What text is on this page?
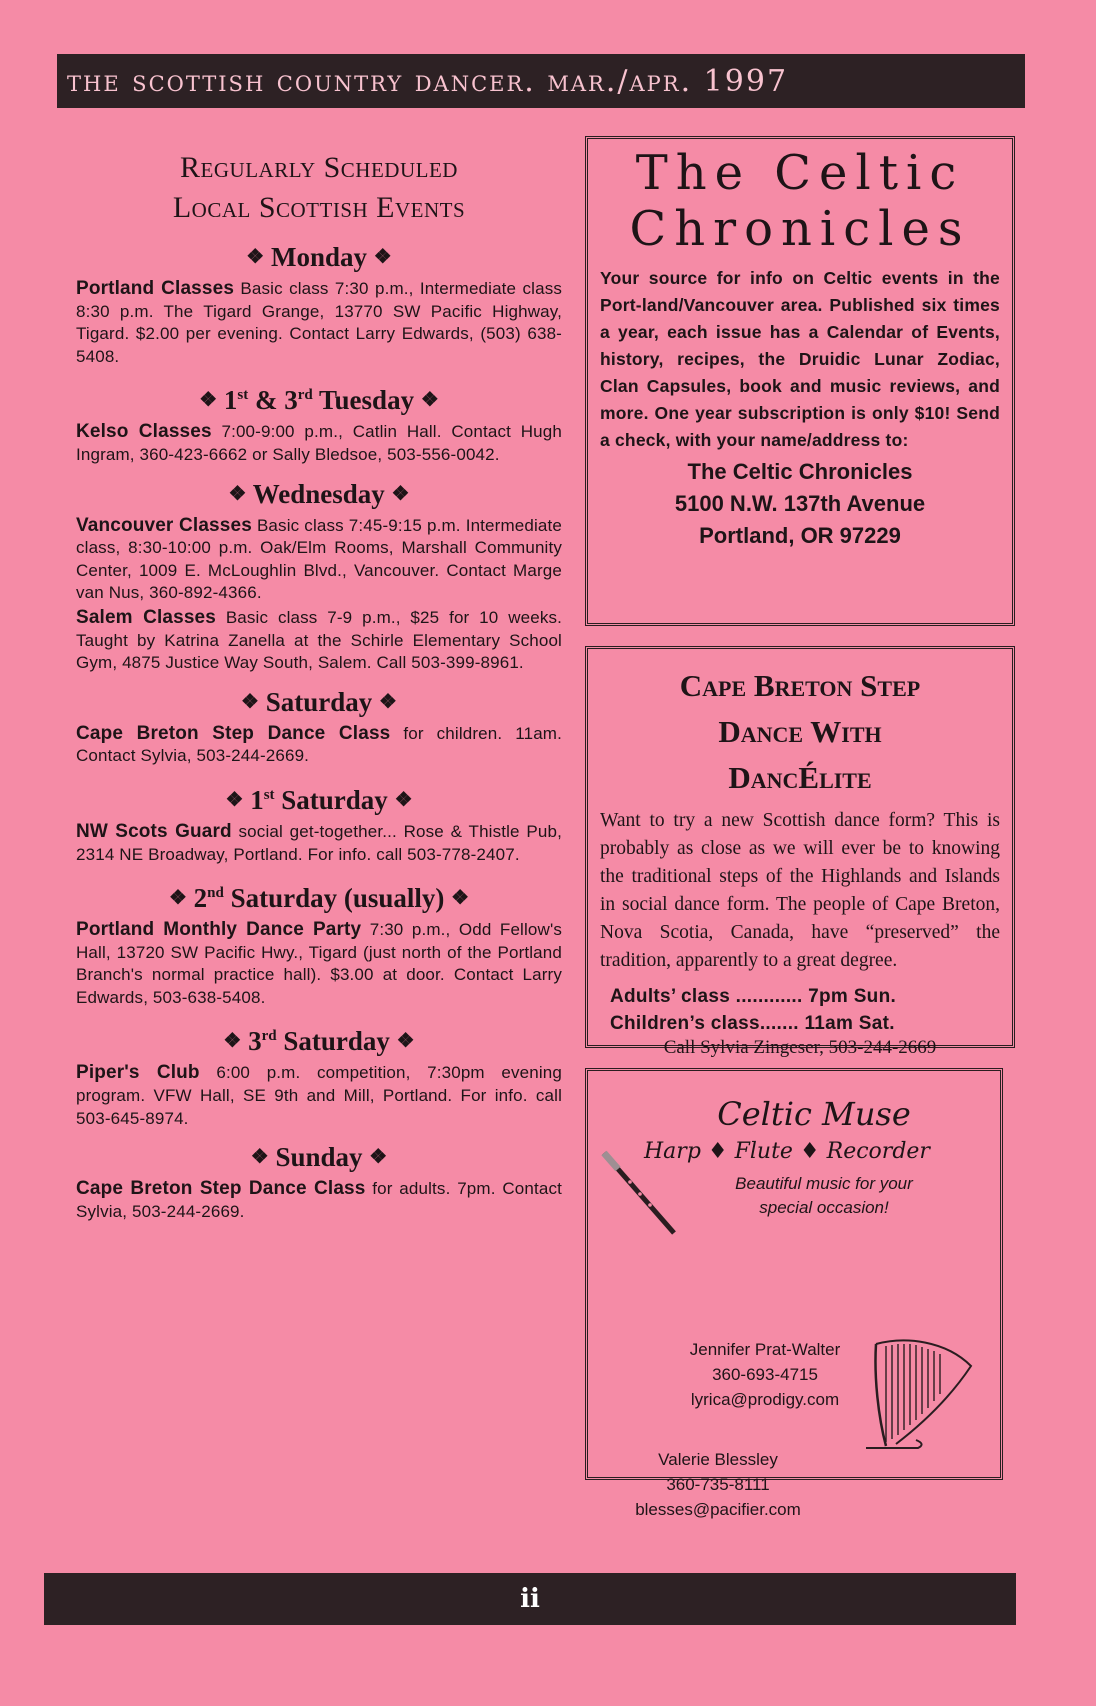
the scottish country dancer. mar./apr. 1997
Regularly Scheduled
Local Scottish Events
❖ Monday ❖

Portland Classes Basic class 7:30 p.m., Intermediate class 8:30 p.m. The Tigard Grange, 13770 SW Pacific Highway, Tigard. $2.00 per evening. Contact Larry Edwards, (503) 638-5408.

❖ 1st & 3rd Tuesday ❖

Kelso Classes 7:00-9:00 p.m., Catlin Hall. Contact Hugh Ingram, 360-423-6662 or Sally Bledsoe, 503-556-0042.

❖ Wednesday ❖

Vancouver Classes Basic class 7:45-9:15 p.m. Intermediate class, 8:30-10:00 p.m. Oak/Elm Rooms, Marshall Community Center, 1009 E. McLoughlin Blvd., Vancouver. Contact Marge van Nus, 360-892-4366.

Salem Classes Basic class 7-9 p.m., $25 for 10 weeks. Taught by Katrina Zanella at the Schirle Elementary School Gym, 4875 Justice Way South, Salem. Call 503-399-8961.

❖ Saturday ❖

Cape Breton Step Dance Class for children. 11am. Contact Sylvia, 503-244-2669.

❖ 1st Saturday ❖

NW Scots Guard social get-together... Rose & Thistle Pub, 2314 NE Broadway, Portland. For info. call 503-778-2407.

❖ 2nd Saturday (usually) ❖

Portland Monthly Dance Party 7:30 p.m., Odd Fellow's Hall, 13720 SW Pacific Hwy., Tigard (just north of the Portland Branch's normal practice hall). $3.00 at door. Contact Larry Edwards, 503-638-5408.

❖ 3rd Saturday ❖

Piper's Club 6:00 p.m. competition, 7:30pm evening program. VFW Hall, SE 9th and Mill, Portland. For info. call 503-645-8974.

❖ Sunday ❖

Cape Breton Step Dance Class for adults. 7pm. Contact Sylvia, 503-244-2669.

The Celtic
Chronicles

Your source for info on Celtic events in the Port-land/Vancouver area. Published six times a year, each issue has a Calendar of Events, history, recipes, the Druidic Lunar Zodiac, Clan Capsules, book and music reviews, and more. One year subscription is only $10! Send a check, with your name/address to:

The Celtic Chronicles
5100 N.W. 137th Avenue
Portland, OR 97229
Cape Breton Step
Dance With
DancÉlite

Want to try a new Scottish dance form? This is probably as close as we will ever be to knowing the traditional steps of the Highlands and Islands in social dance form. The people of Cape Breton, Nova Scotia, Canada, have “preserved” the tradition, apparently to a great degree.

Adults’ class ............ 7pm Sun.
Children’s class....... 11am Sat.

Call Sylvia Zingeser, 503-244-2669

Celtic Muse
Harp ♦ Flute ♦ Recorder
Beautiful music for your
special occasion!

Jennifer Prat-Walter

360-693-4715

lyrica@prodigy.com

Valerie Blessley

360-735-8111

blesses@pacifier.com

ii
